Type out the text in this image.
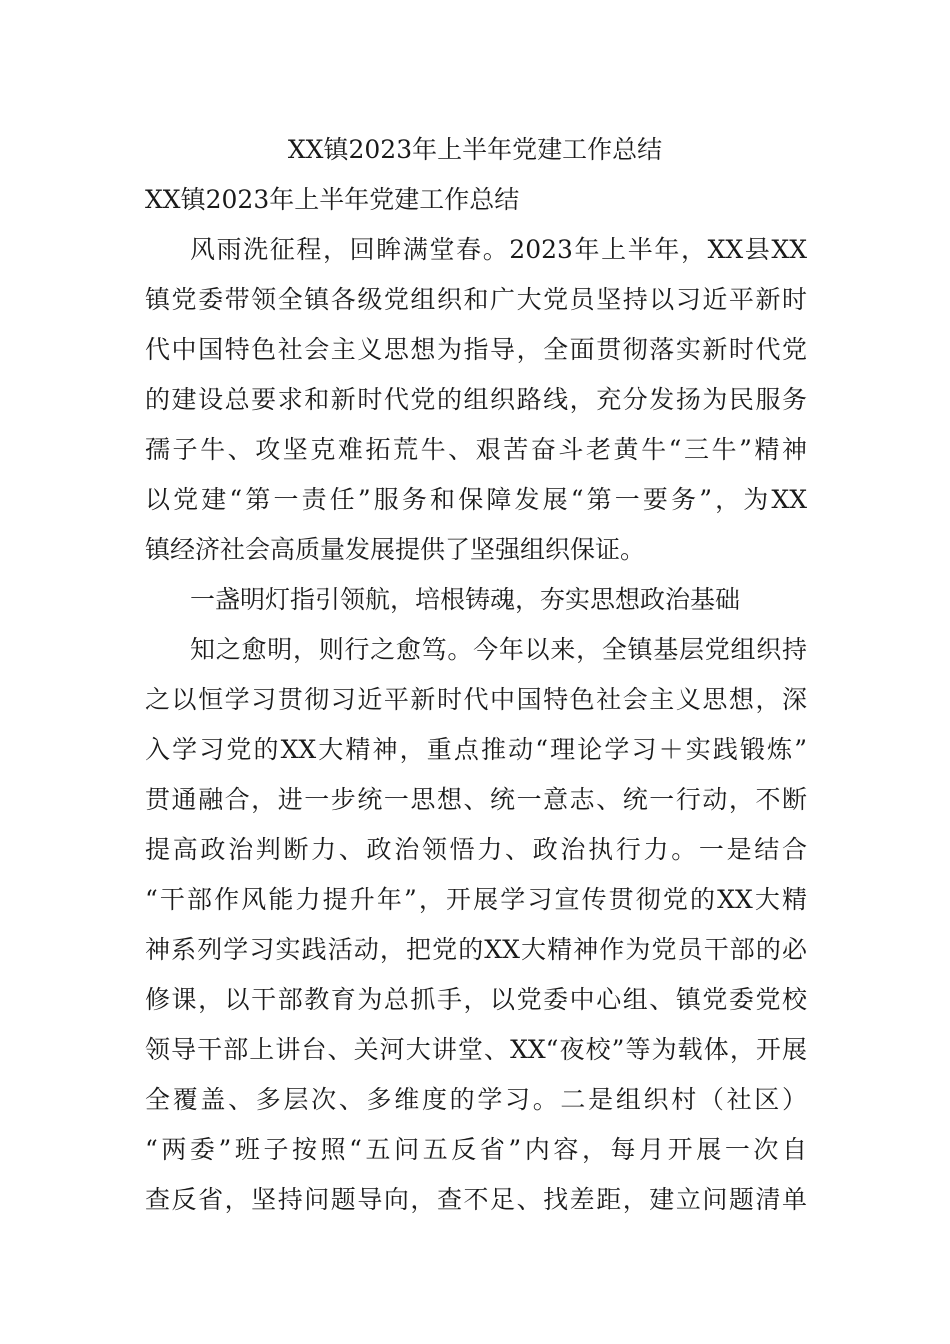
XX镇2023年上半年党建工作总结
XX镇2023年上半年党建工作总结
风雨洗征程，回眸满堂春。2023年上半年，XX县XX
镇党委带领全镇各级党组织和广大党员坚持以习近平新时
代中国特色社会主义思想为指导，全面贯彻落实新时代党
的建设总要求和新时代党的组织路线，充分发扬为民服务
孺子牛、攻坚克难拓荒牛、艰苦奋斗老黄牛“三牛”精神
以党建“第一责任”服务和保障发展“第一要务”，为XX
镇经济社会高质量发展提供了坚强组织保证。
一盏明灯指引领航，培根铸魂，夯实思想政治基础
知之愈明，则行之愈笃。今年以来，全镇基层党组织持
之以恒学习贯彻习近平新时代中国特色社会主义思想，深
入学习党的XX大精神，重点推动“理论学习＋实践锻炼”
贯通融合，进一步统一思想、统一意志、统一行动，不断
提高政治判断力、政治领悟力、政治执行力。一是结合
“干部作风能力提升年”，开展学习宣传贯彻党的XX大精
神系列学习实践活动，把党的XX大精神作为党员干部的必
修课，以干部教育为总抓手，以党委中心组、镇党委党校
领导干部上讲台、关河大讲堂、XX“夜校”等为载体，开展
全覆盖、多层次、多维度的学习。二是组织村（社区）
“两委”班子按照“五问五反省”内容，每月开展一次自
查反省，坚持问题导向，查不足、找差距，建立问题清单
